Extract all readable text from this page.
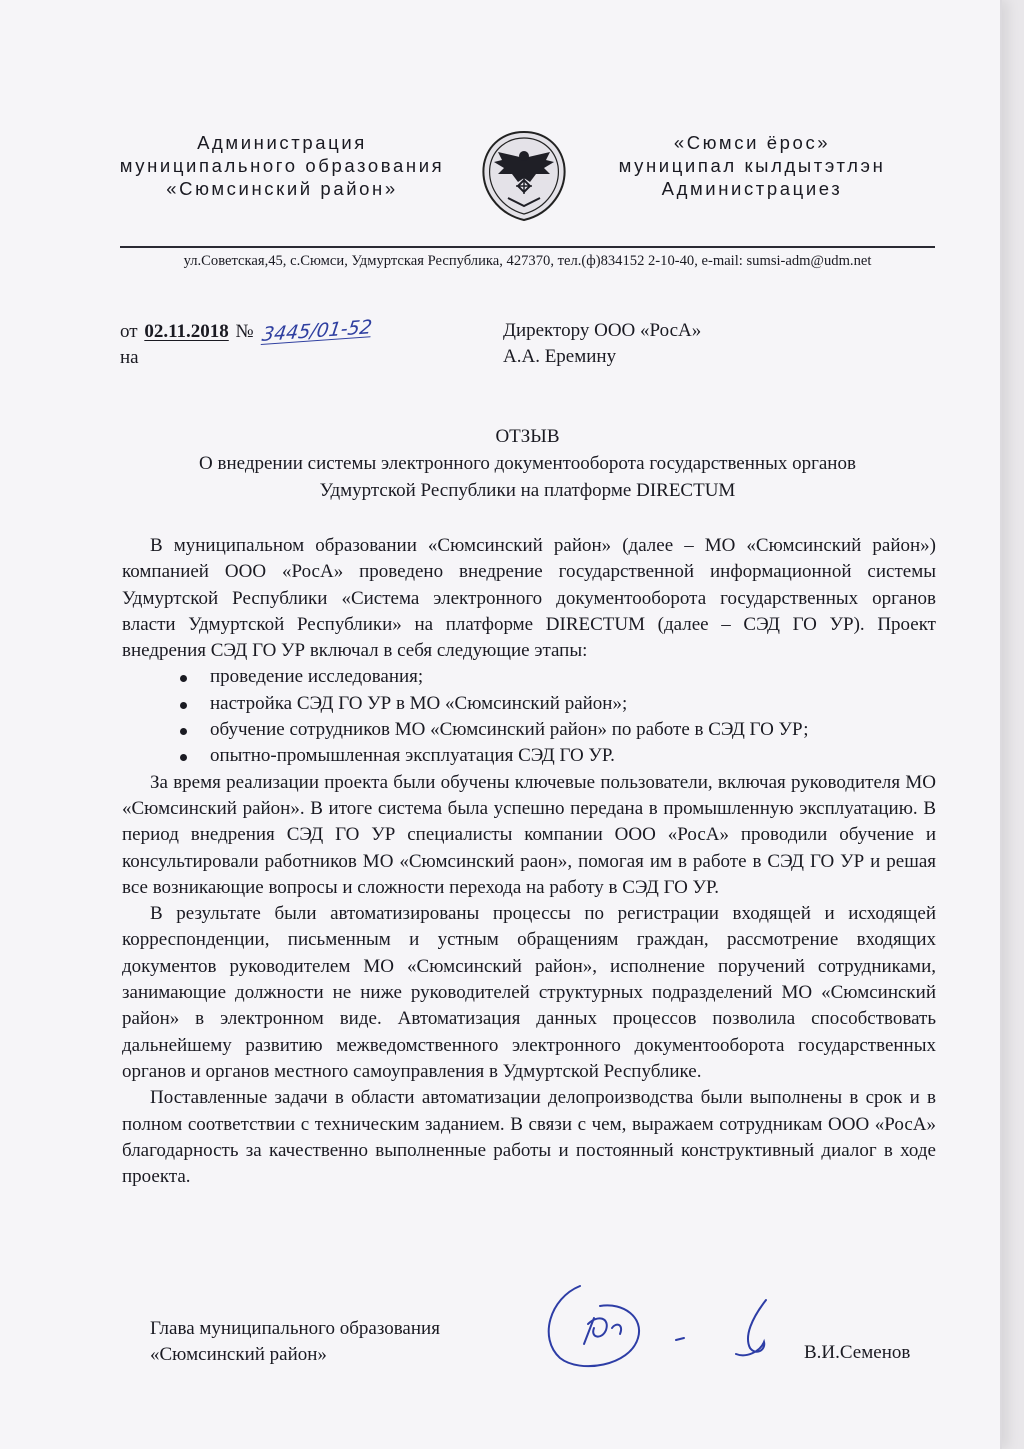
Администрация
муниципального образования
«Сюмсинский район»
«Сюмси ёрос»
муниципал кылдытэтлэн
Администрациез
ул.Советская,45, с.Сюмси, Удмуртская Республика, 427370, тел.(ф)834152 2-10-40, e-mail: sumsi-adm@udm.net
от 02.11.2018 № 3445/01-52
на
Директору ООО «РосА»
А.А. Еремину
ОТЗЫВ
О внедрении системы электронного документооборота государственных органов
Удмуртской Республики на платформе DIRECTUM

В муниципальном образовании «Сюмсинский район» (далее – МО «Сюмсинский район») компанией ООО «РосА» проведено внедрение государственной информационной системы Удмуртской Республики «Система электронного документооборота государственных органов власти Удмуртской Республики» на платформе DIRECTUM (далее – СЭД ГО УР). Проект внедрения СЭД ГО УР включал в себя следующие этапы:

проведение исследования;
настройка СЭД ГО УР в МО «Сюмсинский район»;
обучение сотрудников МО «Сюмсинский район» по работе в СЭД ГО УР;
опытно-промышленная эксплуатация СЭД ГО УР.

За время реализации проекта были обучены ключевые пользователи, включая руководителя МО «Сюмсинский район». В итоге система была успешно передана в промышленную эксплуатацию. В период внедрения СЭД ГО УР специалисты компании ООО «РосА» проводили обучение и консультировали работников МО «Сюмсинский раон», помогая им в работе в СЭД ГО УР и решая все возникающие вопросы и сложности перехода на работу в СЭД ГО УР.

В результате были автоматизированы процессы по регистрации входящей и исходящей корреспонденции, письменным и устным обращениям граждан, рассмотрение входящих документов руководителем МО «Сюмсинский район», исполнение поручений сотрудниками, занимающие должности не ниже руководителей структурных подразделений МО «Сюмсинский район» в электронном виде. Автоматизация данных процессов позволила способствовать дальнейшему развитию межведомственного электронного документооборота государственных органов и органов местного самоуправления в Удмуртской Республике.

Поставленные задачи в области автоматизации делопроизводства были выполнены в срок и в полном соответствии с техническим заданием. В связи с чем, выражаем сотрудникам ООО «РосА» благодарность за качественно выполненные работы и постоянный конструктивный диалог в ходе проекта.

Глава муниципального образования
«Сюмсинский район»	В.И.Семенов
